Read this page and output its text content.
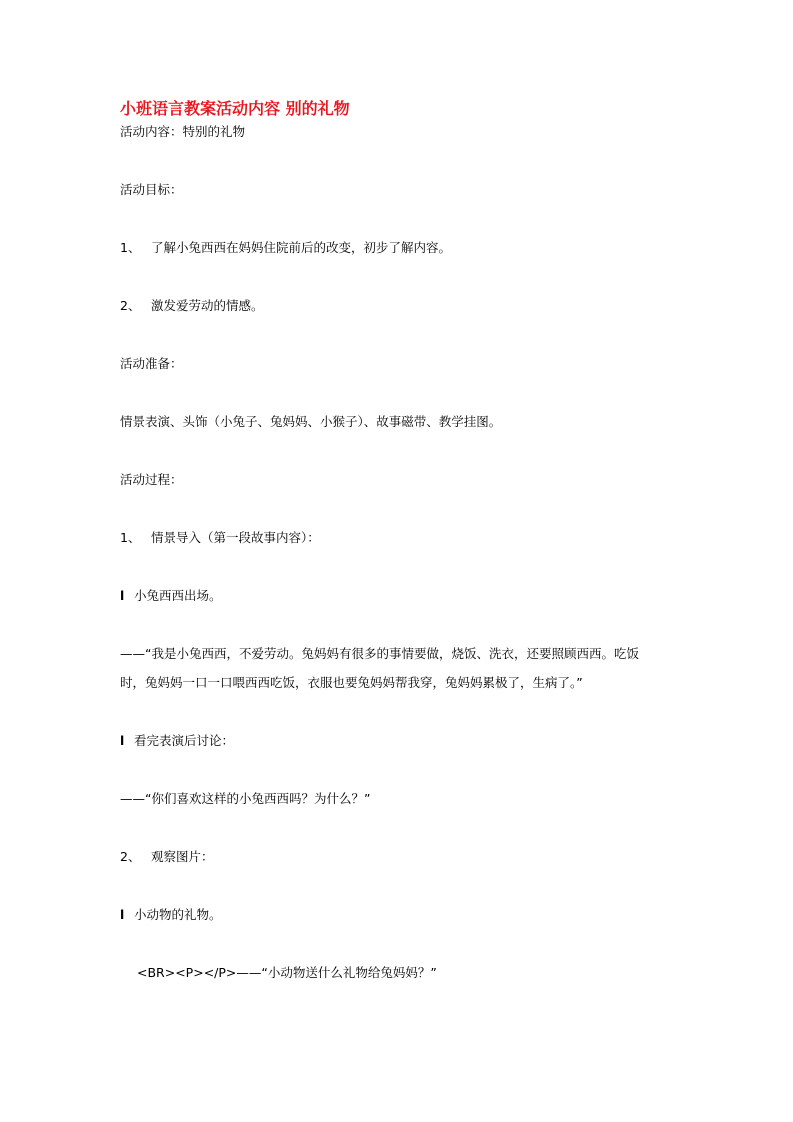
小班语言教案活动内容 别的礼物
活动内容：特别的礼物
活动目标：
1、 了解小兔西西在妈妈住院前后的改变，初步了解内容。
2、 激发爱劳动的情感。
活动准备：
情景表演、头饰（小兔子、兔妈妈、小猴子）、故事磁带、教学挂图。
活动过程：
1、 情景导入（第一段故事内容）：
l 小兔西西出场。
——“我是小兔西西，不爱劳动。兔妈妈有很多的事情要做，烧饭、洗衣，还要照顾西西。吃饭
时，兔妈妈一口一口喂西西吃饭，衣服也要兔妈妈帮我穿，兔妈妈累极了，生病了。”
l 看完表演后讨论：
——“你们喜欢这样的小兔西西吗？为什么？”
2、 观察图片：
l 小动物的礼物。
<BR><P></P>——“小动物送什么礼物给兔妈妈？”
